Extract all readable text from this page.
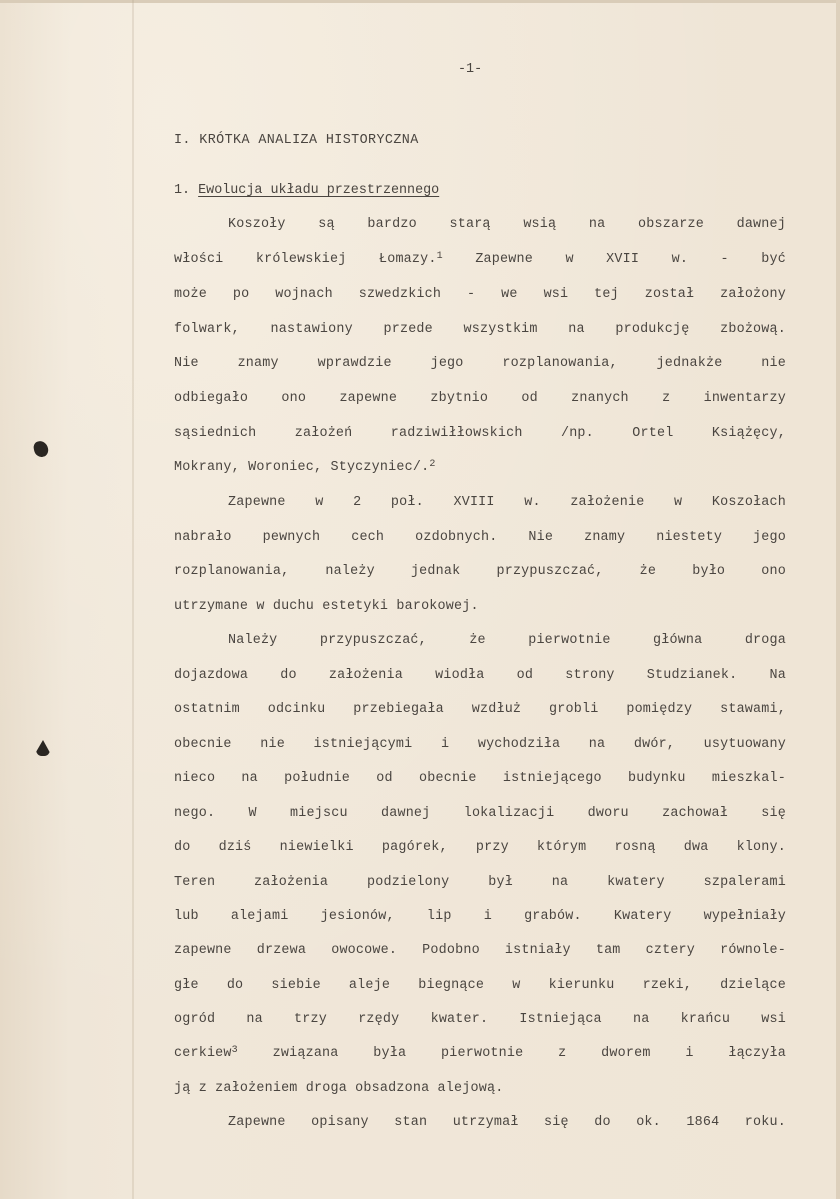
-1-
I. KRÓTKA ANALIZA HISTORYCZNA
1. Ewolucja układu przestrzennego
Koszoły są bardzo starą wsią na obszarze dawnej
włości królewskiej Łomazy.$^1$ Zapewne w XVII w. - być
może po wojnach szwedzkich - we wsi tej został założony
folwark, nastawiony przede wszystkim na produkcję zbożową.
Nie znamy wprawdzie jego rozplanowania, jednakże nie
odbiegało ono zapewne zbytnio od znanych z inwentarzy
sąsiednich założeń radziwiłłowskich /np. Ortel Książęcy,
Mokrany, Woroniec, Styczyniec/.$^2$
Zapewne w 2 poł. XVIII w. założenie w Koszołach
nabrało pewnych cech ozdobnych. Nie znamy niestety jego
rozplanowania, należy jednak przypuszczać, że było ono
utrzymane w duchu estetyki barokowej.
Należy przypuszczać, że pierwotnie główna droga
dojazdowa do założenia wiodła od strony Studzianek. Na
ostatnim odcinku przebiegała wzdłuż grobli pomiędzy stawami,
obecnie nie istniejącymi i wychodziła na dwór, usytuowany
nieco na południe od obecnie istniejącego budynku mieszkal-
nego. W miejscu dawnej lokalizacji dworu zachował się
do dziś niewielki pagórek, przy którym rosną dwa klony.
Teren założenia podzielony był na kwatery szpalerami
lub alejami jesionów, lip i grabów. Kwatery wypełniały
zapewne drzewa owocowe. Podobno istniały tam cztery równole-
głe do siebie aleje biegnące w kierunku rzeki, dzielące
ogród na trzy rzędy kwater. Istniejąca na krańcu wsi
cerkiew$^3$	związana była pierwotnie z dworem i łączyła
ją z założeniem droga obsadzona alejową.
Zapewne opisany stan utrzymał się do ok. 1864 roku.
